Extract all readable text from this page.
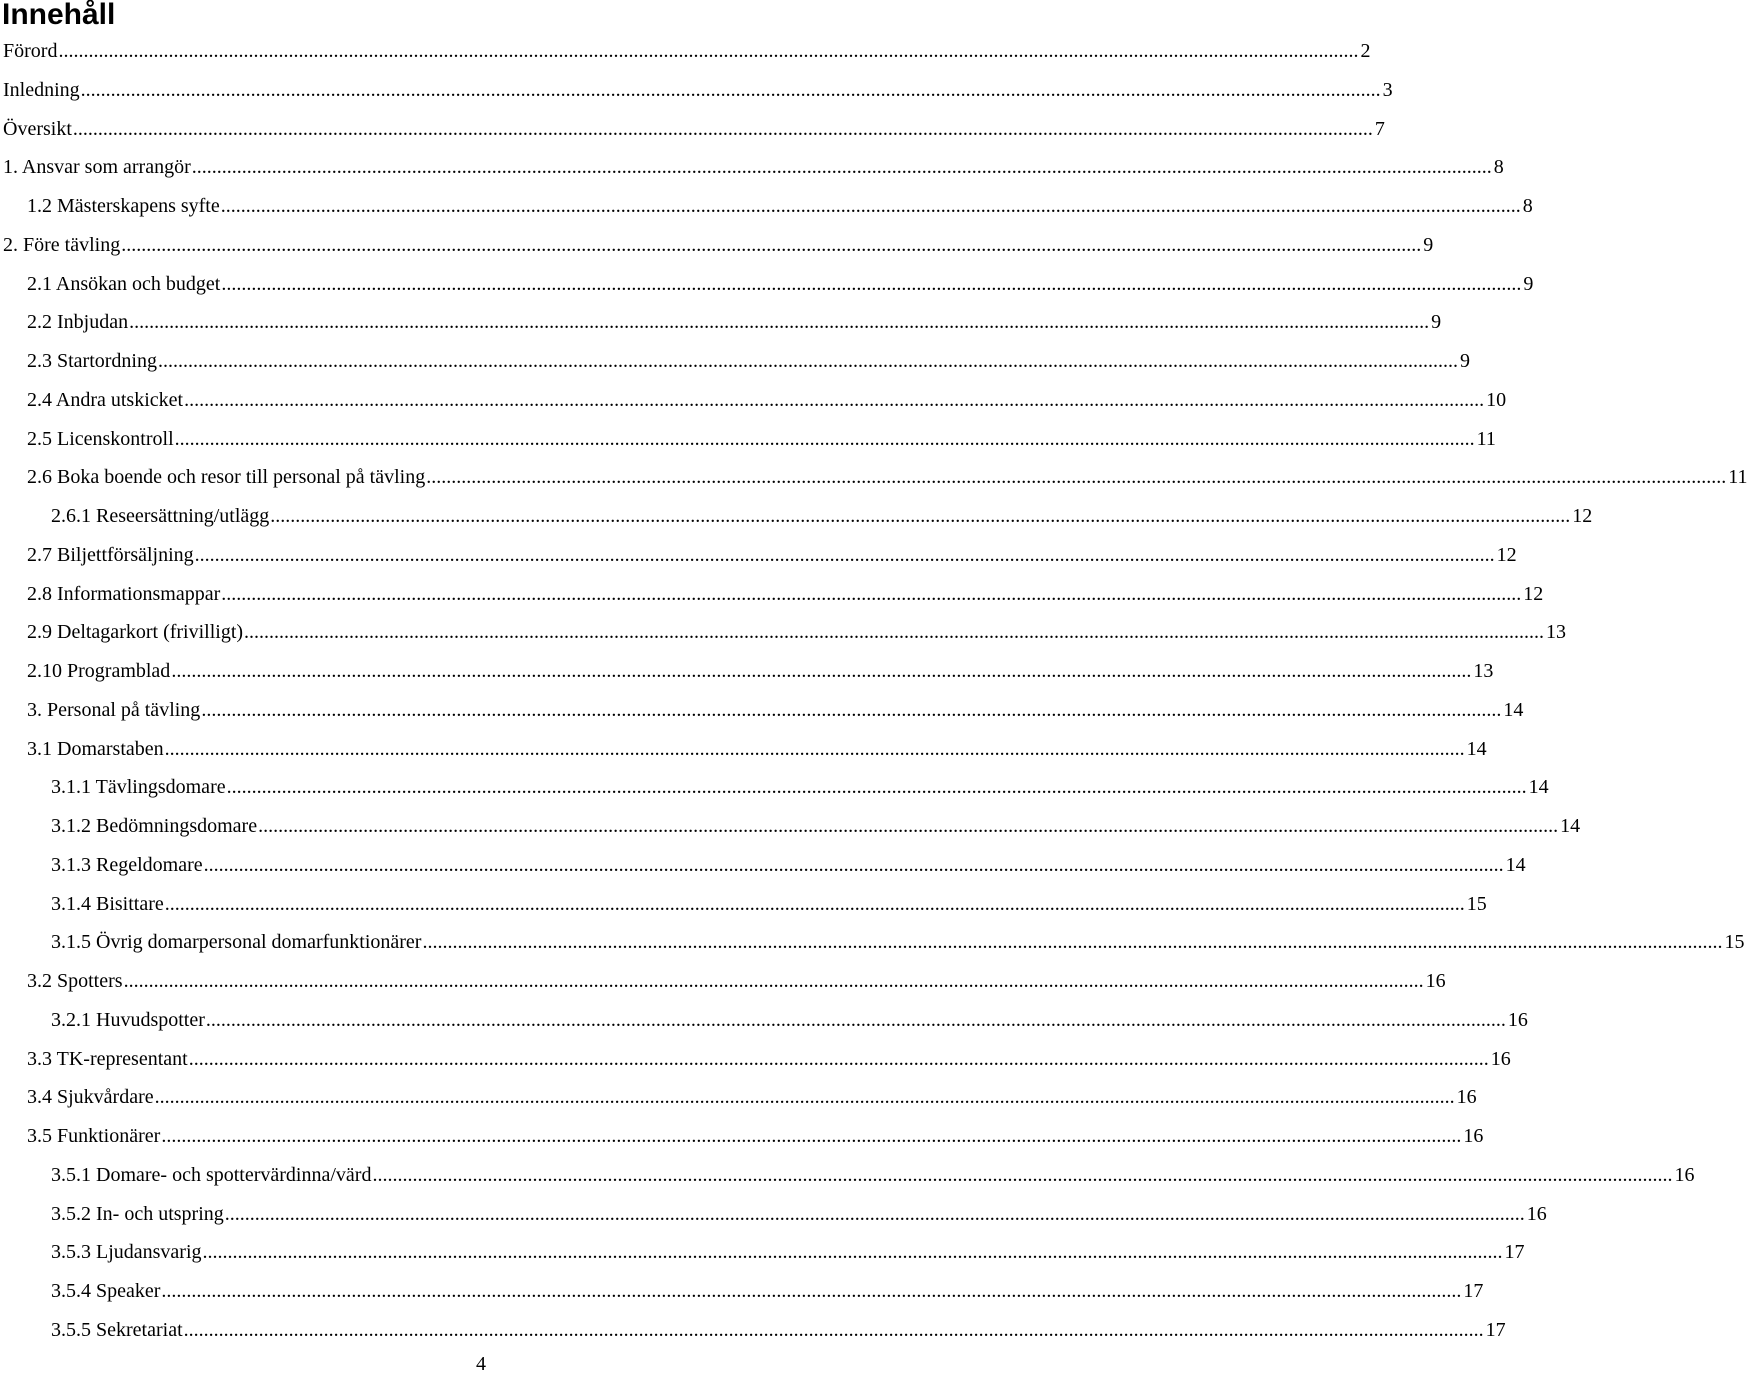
Innehåll
Förord .....	2
Inledning .....	3
Översikt .....	7
1. Ansvar som arrangör .....	8
1.2 Mästerskapens syfte .....	8
2. Före tävling .....	9
2.1 Ansökan och budget .....	9
2.2 Inbjudan .....	9
2.3 Startordning .....	9
2.4 Andra utskicket .....	10
2.5 Licenskontroll .....	11
2.6 Boka boende och resor till personal på tävling .....	11
2.6.1 Reseersättning/utlägg .....	12
2.7 Biljettförsäljning .....	12
2.8 Informationsmappar .....	12
2.9 Deltagarkort (frivilligt) .....	13
2.10 Programblad .....	13
3. Personal på tävling .....	14
3.1 Domarstaben .....	14
3.1.1 Tävlingsdomare .....	14
3.1.2 Bedömningsdomare .....	14
3.1.3 Regeldomare .....	14
3.1.4 Bisittare .....	15
3.1.5 Övrig domarpersonal domarfunktionärer .....	15
3.2 Spotters .....	16
3.2.1 Huvudspotter .....	16
3.3 TK-representant .....	16
3.4 Sjukvårdare .....	16
3.5 Funktionärer .....	16
3.5.1 Domare- och spottervärdinna/värd .....	16
3.5.2 In- och utspring .....	16
3.5.3 Ljudansvarig .....	17
3.5.4 Speaker .....	17
3.5.5 Sekretariat .....	17
4
